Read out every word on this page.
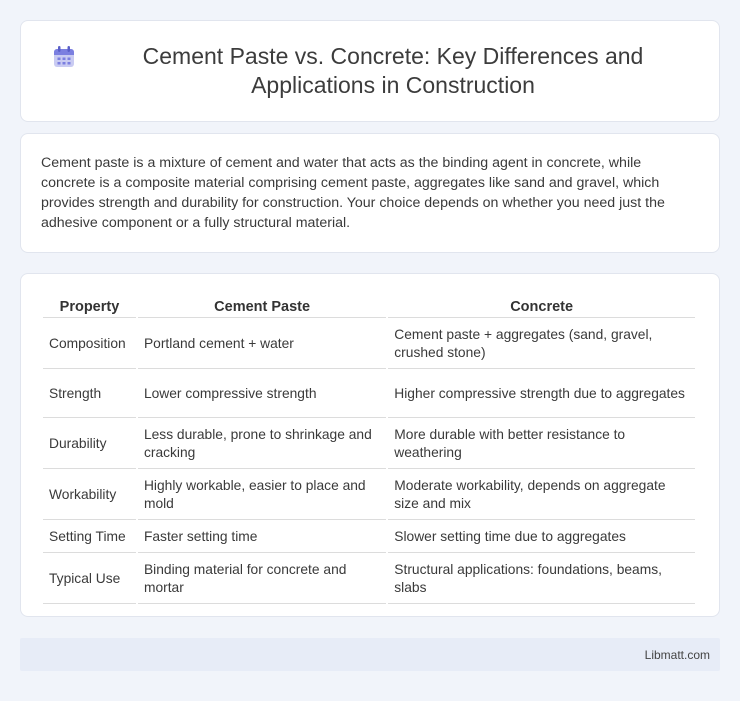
Cement Paste vs. Concrete: Key Differences and Applications in Construction

Cement paste is a mixture of cement and water that acts as the binding agent in concrete, while concrete is a composite material comprising cement paste, aggregates like sand and gravel, which provides strength and durability for construction. Your choice depends on whether you need just the adhesive component or a fully structural material.

Property	Cement Paste	Concrete
Composition	Portland cement + water	Cement paste + aggregates (sand, gravel, crushed stone)
Strength	Lower compressive strength	Higher compressive strength due to aggregates
Durability	Less durable, prone to shrinkage and cracking	More durable with better resistance to weathering
Workability	Highly workable, easier to place and mold	Moderate workability, depends on aggregate size and mix
Setting Time	Faster setting time	Slower setting time due to aggregates
Typical Use	Binding material for concrete and mortar	Structural applications: foundations, beams, slabs
Libmatt.com
